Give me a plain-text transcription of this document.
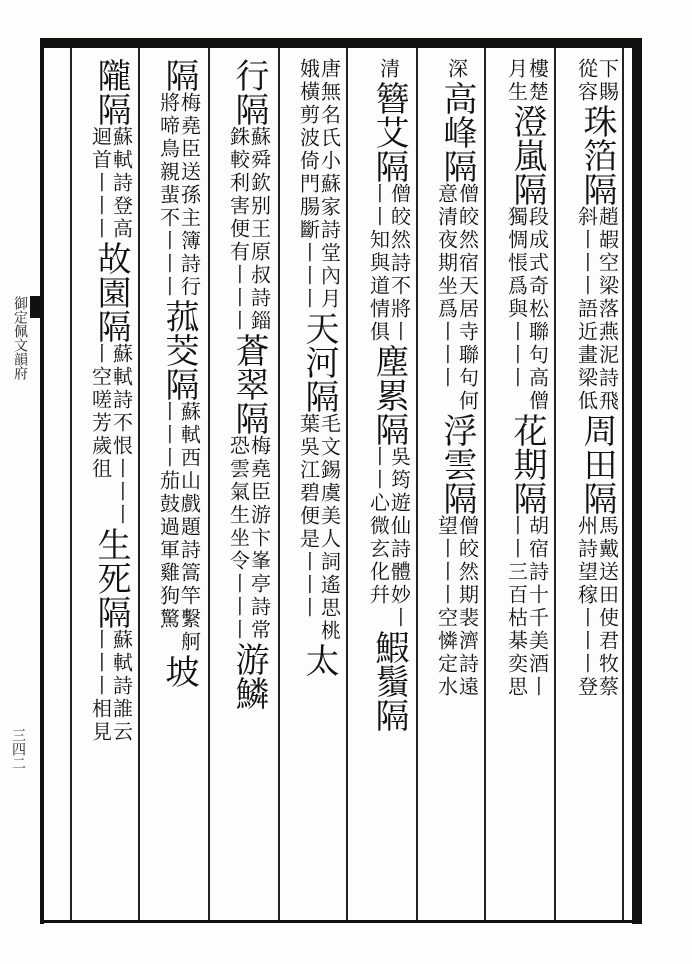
御定佩文韻府
三四二
下賜
從容
珠箔隔
趙嘏空梁落燕泥詩飛
斜丨丨丨語近畫梁低
周田隔
馬戴送田使君牧蔡
州詩望稼丨丨丨登
樓楚
月生
澄嵐隔
段成式奇松聯句高僧
獨惆悵爲與丨丨丨
花期隔
胡宿詩十千美酒丨
丨丨三百枯棊奕思
深
高峰隔
僧皎然宿天居寺聯句何
意清夜期坐爲丨丨丨
浮雲隔
僧皎然期裴濟詩遠
望丨丨丨空憐定水
清
簪艾隔
僧皎然詩不將丨
丨丨知與道情俱
塵累隔
吳筠遊仙詩體妙丨
丨丨心微玄化幷
鰕鬚隔
唐無名氏小蘇家詩堂內月
娥橫剪波倚門腸斷丨丨丨
天河隔
毛文錫虞美人詞遙思桃
葉吳江碧便是丨丨丨
太
行隔
蘇舜欽别王原叔詩錙
銖較利害便有丨丨丨
蒼翠隔
梅堯臣游卞峯亭詩常
恐雲氣生坐令丨丨丨
游鱗
隔
梅堯臣送孫主簿詩行
將啼鳥親蜚不丨丨丨
菰茭隔
蘇軾西山戲題詩篙竿繫舸
丨丨丨茄鼓過軍雞狗驚
坡
隴隔
蘇軾詩登高
迴首丨丨丨
故園隔
蘇軾詩不恨丨丨丨
丨空嗟芳歲徂
生死隔
蘇軾詩誰云
丨丨丨相見
